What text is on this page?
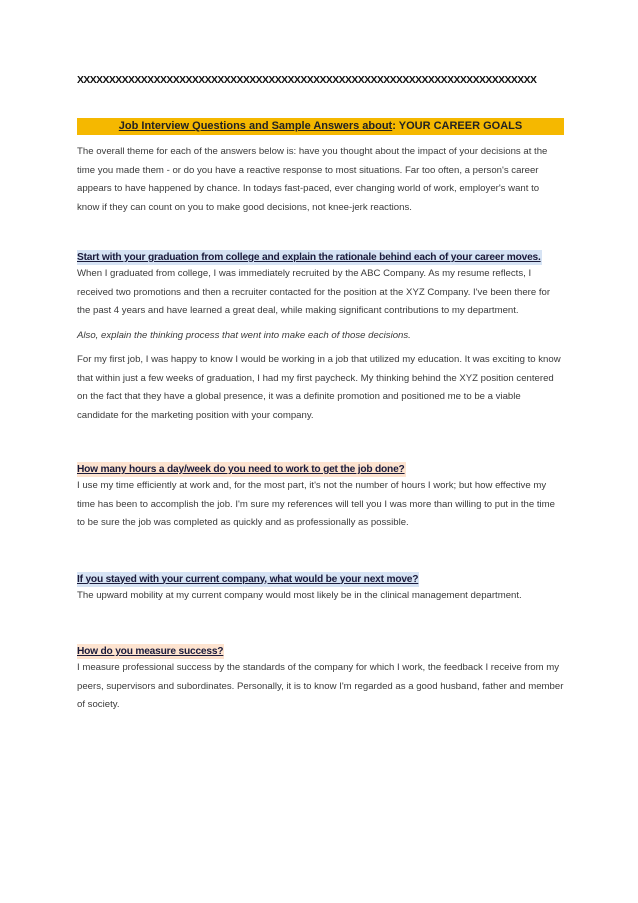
XXXXXXXXXXXXXXXXXXXXXXXXXXXXXXXXXXXXXXXXXXXXXXXXXXXXXXXXXXXXXXXXXXXXXXXX
Job Interview Questions and Sample Answers about: YOUR CAREER GOALS

The overall theme for each of the answers below is: have you thought about the impact of your decisions at the time you made them - or do you have a reactive response to most situations. Far too often, a person's career appears to have happened by chance. In todays fast-paced, ever changing world of work, employer's want to know if they can count on you to make good decisions, not knee-jerk reactions.

Start with your graduation from college and explain the rationale behind each of your career moves.

When I graduated from college, I was immediately recruited by the ABC Company. As my resume reflects, I received two promotions and then a recruiter contacted for the position at the XYZ Company. I've been there for the past 4 years and have learned a great deal, while making significant contributions to my department.

Also, explain the thinking process that went into make each of those decisions.

For my first job, I was happy to know I would be working in a job that utilized my education. It was exciting to know that within just a few weeks of graduation, I had my first paycheck. My thinking behind the XYZ position centered on the fact that they have a global presence, it was a definite promotion and positioned me to be a viable candidate for the marketing position with your company.

How many hours a day/week do you need to work to get the job done?

I use my time efficiently at work and, for the most part, it's not the number of hours I work; but how effective my time has been to accomplish the job. I'm sure my references will tell you I was more than willing to put in the time to be sure the job was completed as quickly and as professionally as possible.

If you stayed with your current company, what would be your next move?

The upward mobility at my current company would most likely be in the clinical management department.

How do you measure success?

I measure professional success by the standards of the company for which I work, the feedback I receive from my peers, supervisors and subordinates. Personally, it is to know I'm regarded as a good husband, father and member of society.
